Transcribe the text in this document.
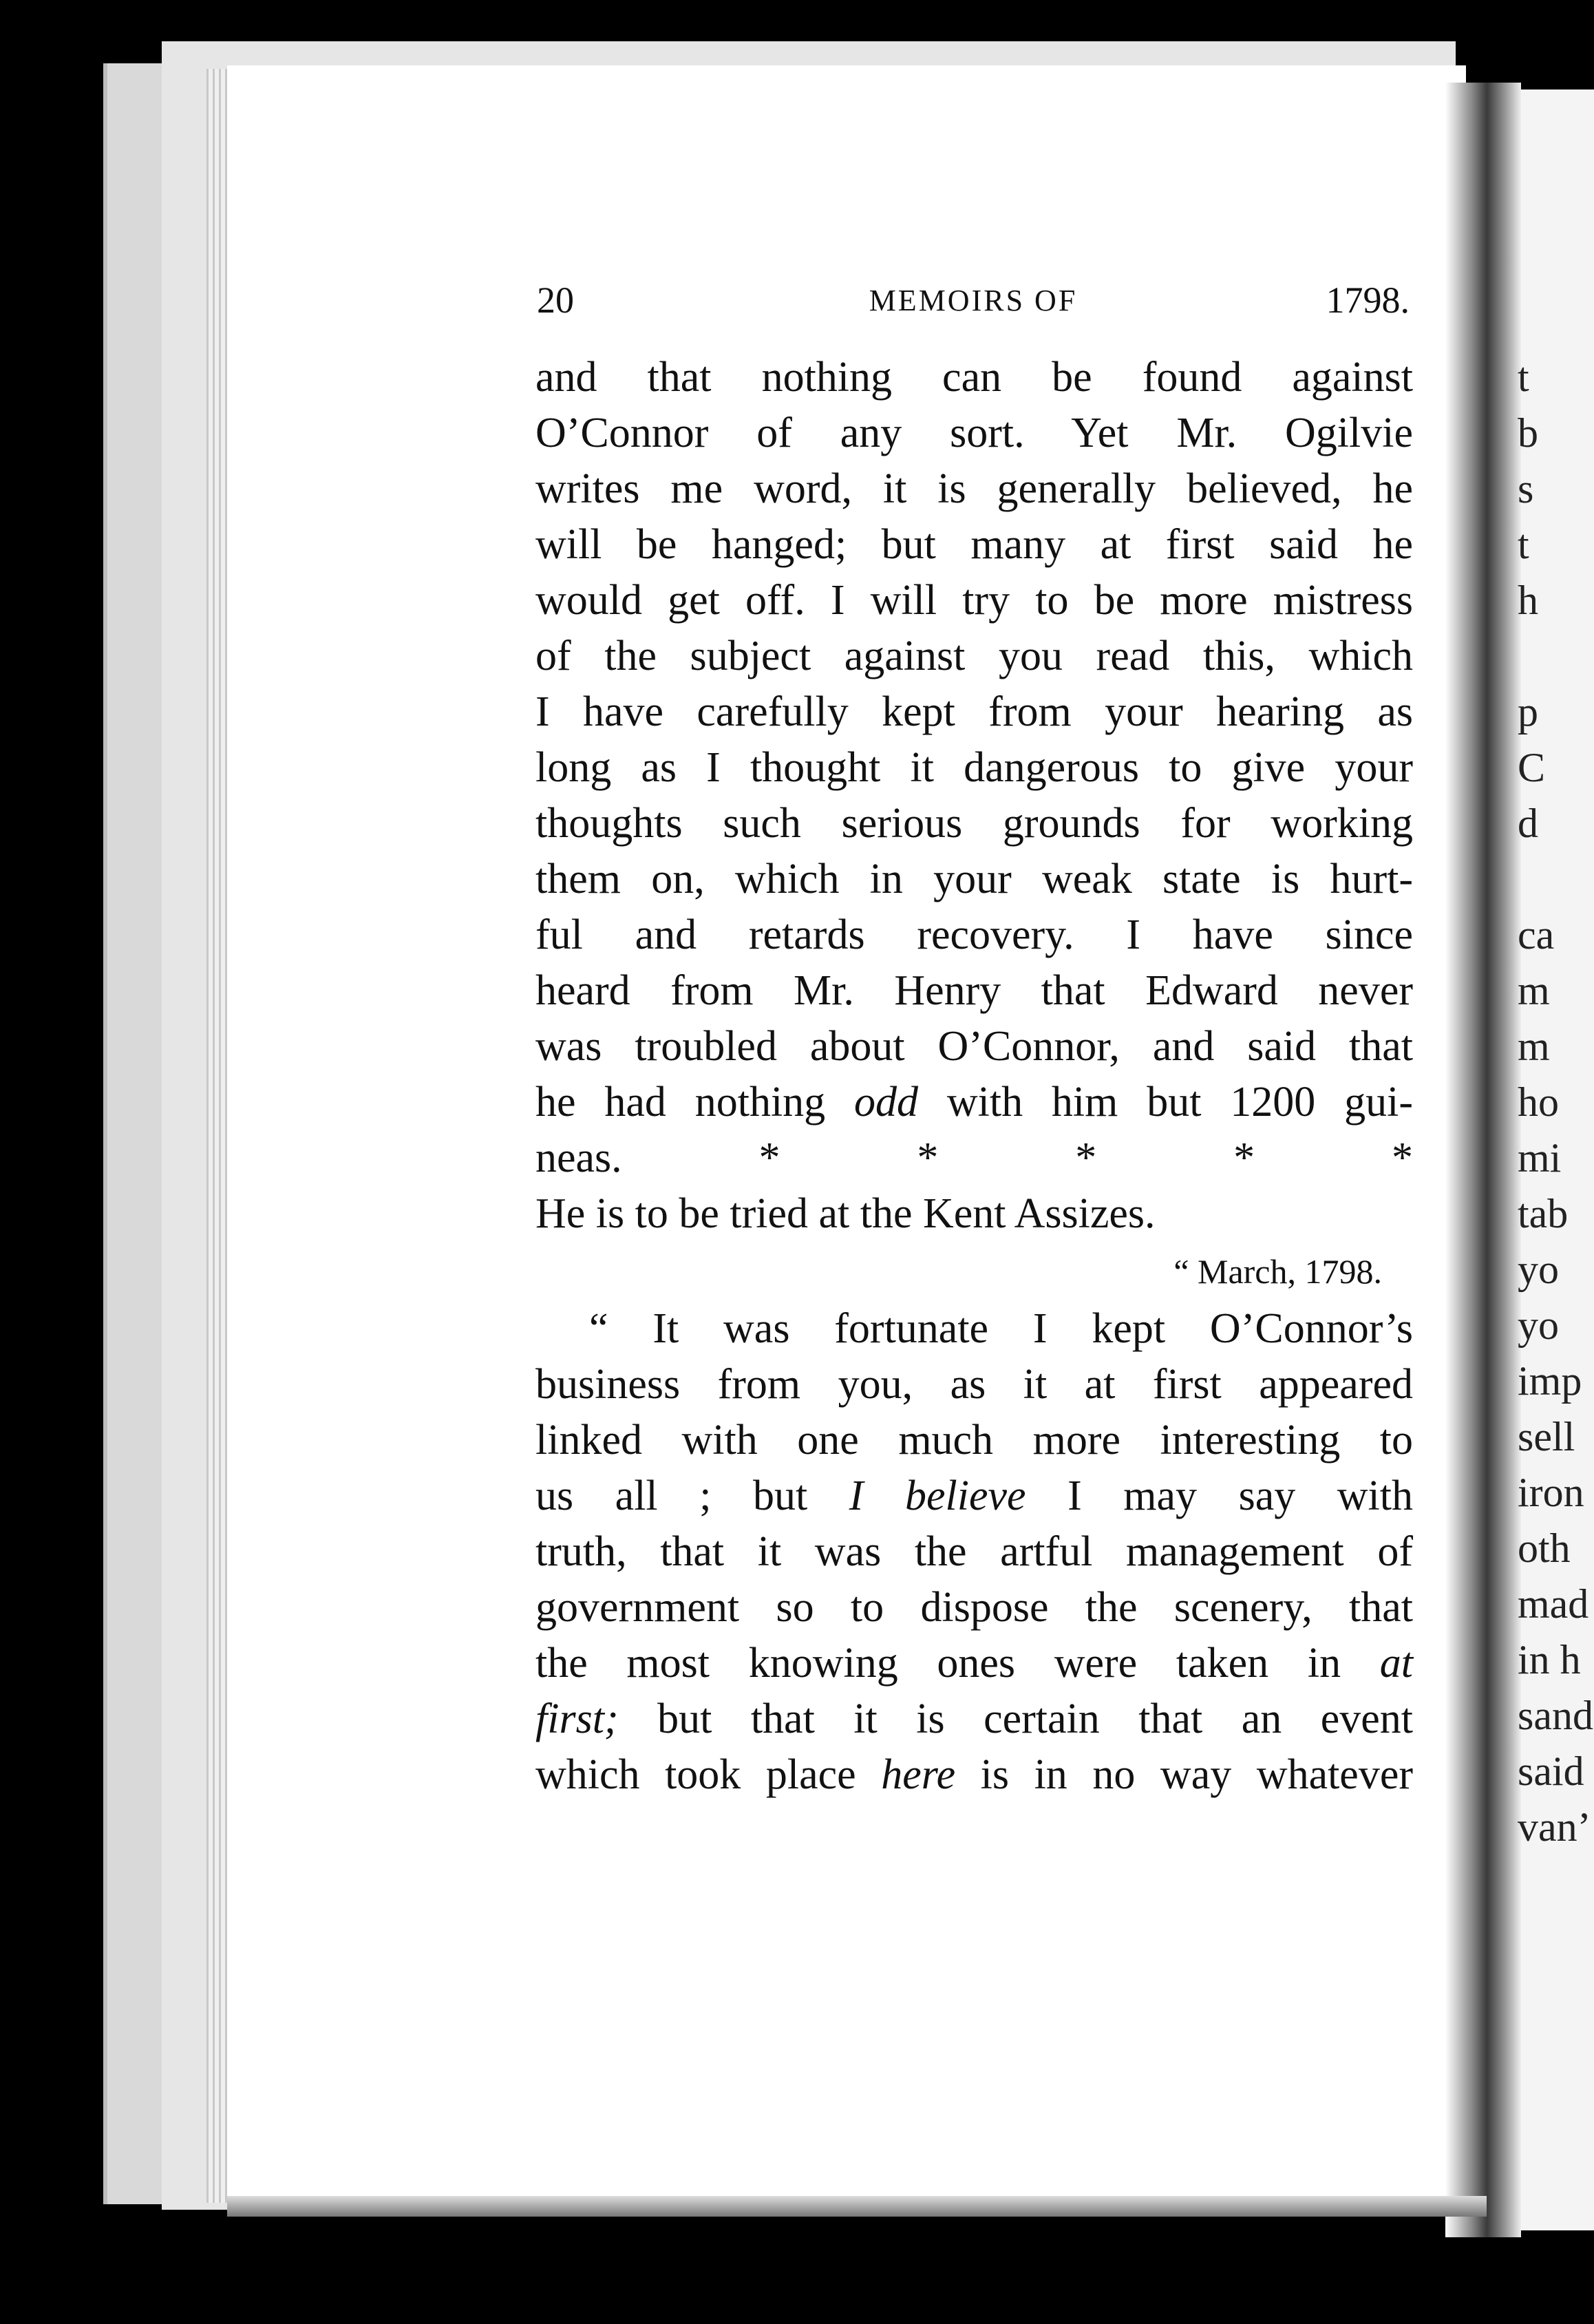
20	MEMOIRS OF	1798.
and that nothing can be found against
O’Connor of any sort. Yet Mr. Ogilvie
writes me word, it is generally believed, he
will be hanged; but many at first said he
would get off. I will try to be more mistress
of the subject against you read this, which
I have carefully kept from your hearing as
long as I thought it dangerous to give your
thoughts such serious grounds for working
them on, which in your weak state is hurt-
ful and retards recovery. I have since
heard from Mr. Henry that Edward never
was troubled about O’Connor, and said that
he had nothing odd with him but 1200 gui-
neas.	*	*	*	*	*
He is to be tried at the Kent Assizes.
“ March, 1798.
“ It was fortunate I kept O’Connor’s
business from you, as it at first appeared
linked with one much more interesting to
us all ; but I believe I may say with
truth, that it was the artful management of
government so to dispose the scenery, that
the most knowing ones were taken in at
first; but that it is certain that an event
which took place here is in no way whatever
t
b
s
t
h
p
C
d
ca
m
m
ho
mi
tab
yo
yo
imp
sell
iron
oth
mad
in h
sand
said
van’
